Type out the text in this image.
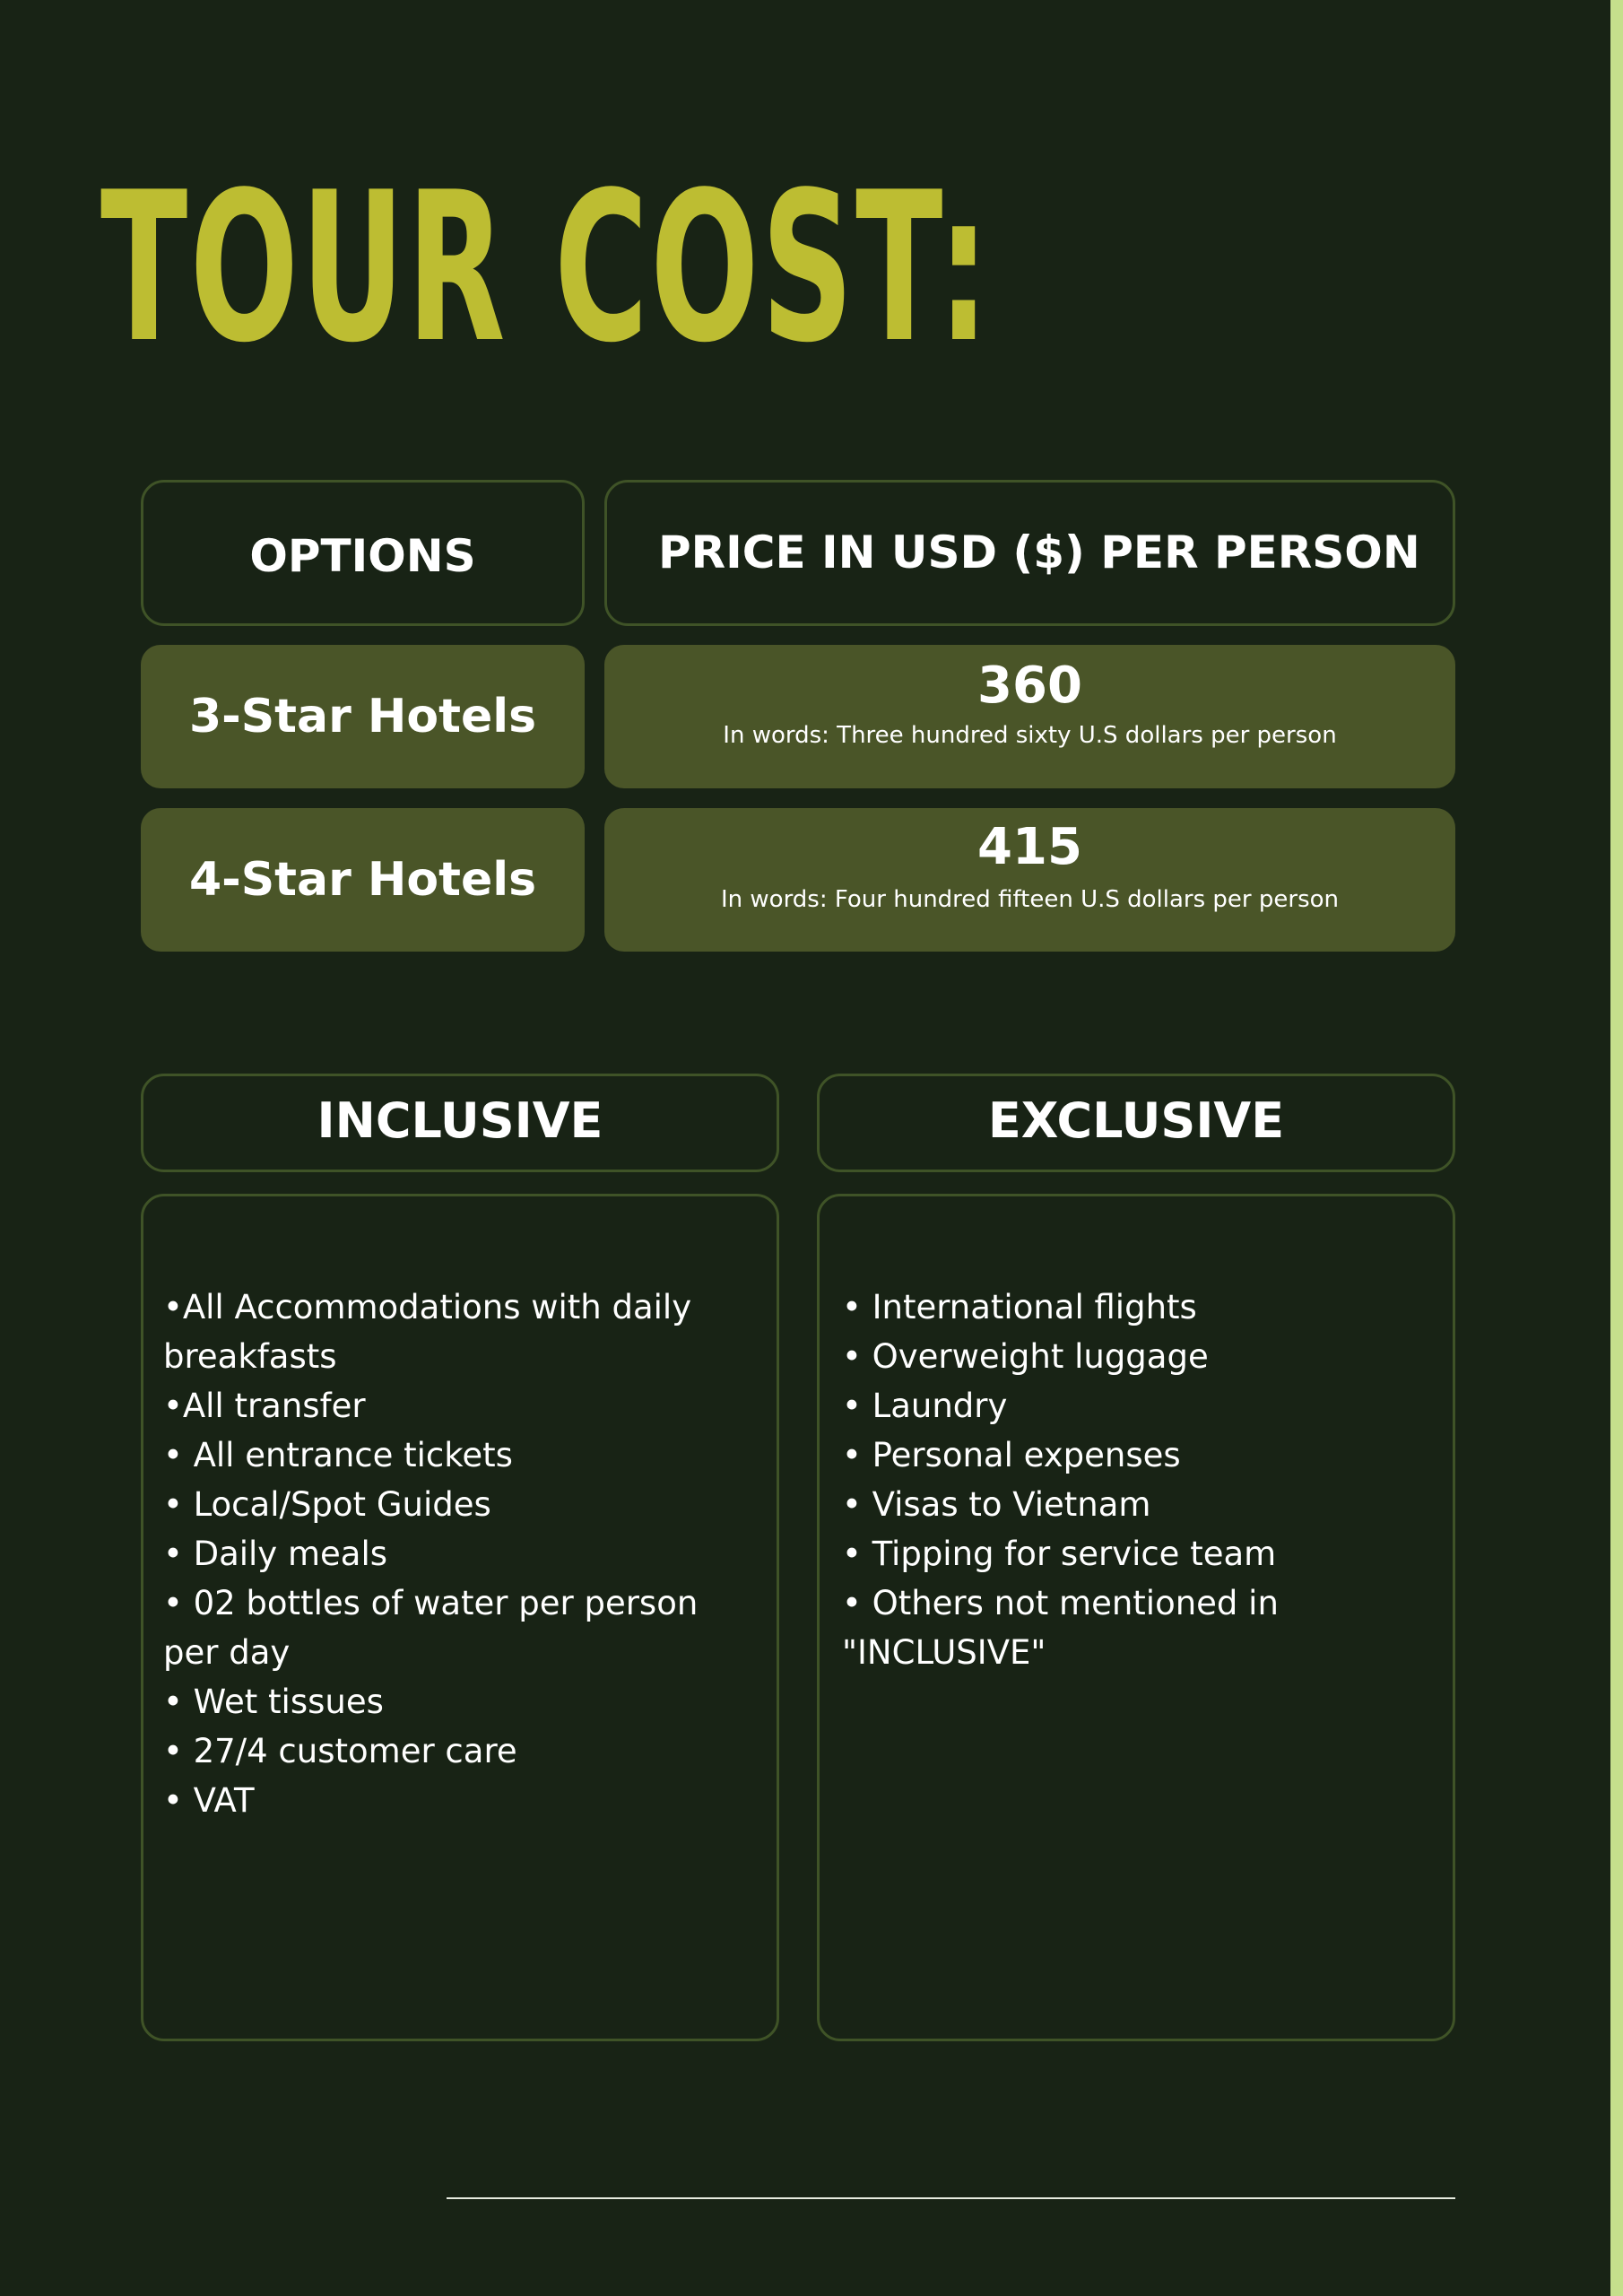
TOUR COST:
OPTIONS	PRICE IN USD ($) PER PERSON
3-Star Hotels
360
In words: Three hundred sixty U.S dollars per person
4-Star Hotels
415
In words: Four hundred fifteen U.S dollars per person
INCLUSIVE	EXCLUSIVE
•All Accommodations with daily breakfasts
•All transfer
• All entrance tickets
• Local/Spot Guides
• Daily meals
• 02 bottles of water per person per day
• Wet tissues
• 27/4 customer care
• VAT
• International flights
• Overweight luggage
• Laundry
• Personal expenses
• Visas to Vietnam
• Tipping for service team
• Others not mentioned in "INCLUSIVE"
